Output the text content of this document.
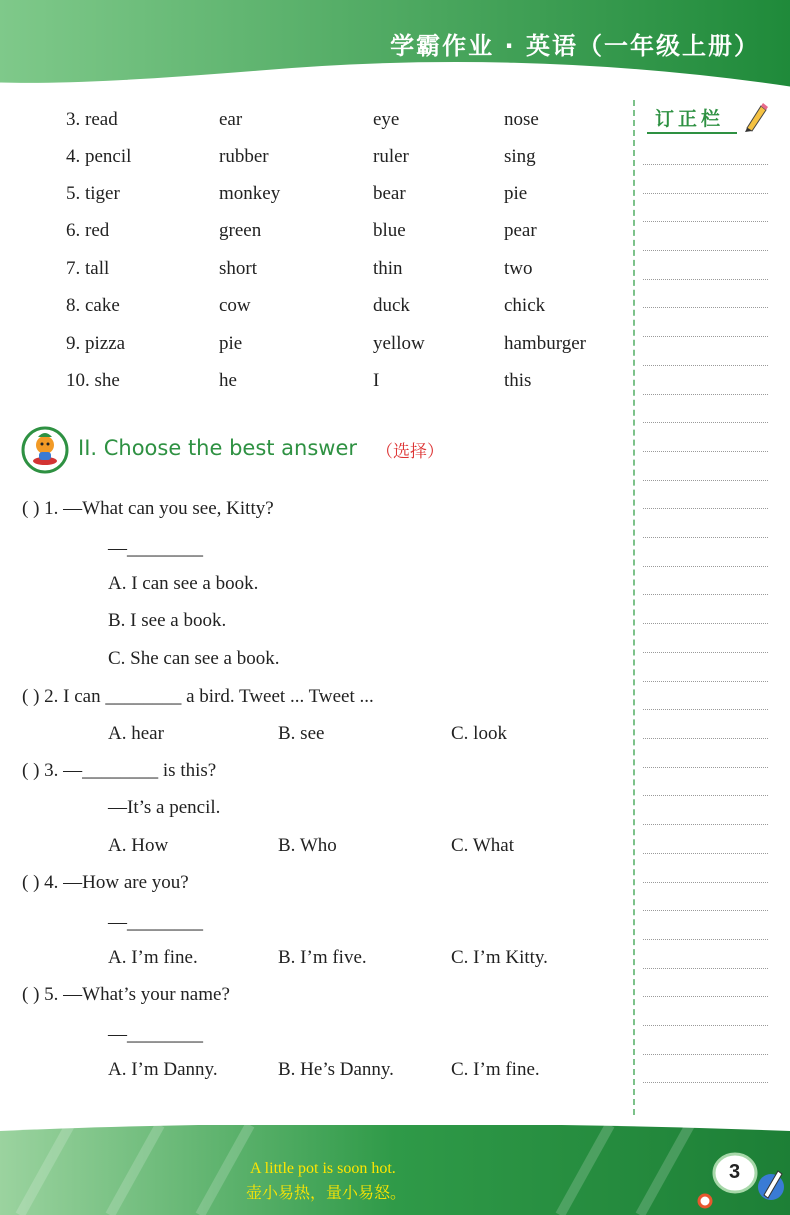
学霸作业 · 英语（一年级上册）
3. read	ear	eye	nose
4. pencil	rubber	ruler	sing
5. tiger	monkey	bear	pie
6. red	green	blue	pear
7. tall	short	thin	two
8. cake	cow	duck	chick
9. pizza	pie	yellow	hamburger
10. she	he	I	this
II. Choose the best answer （选择）
( ) 1. —What can you see, Kitty?
—________
A. I can see a book.
B. I see a book.
C. She can see a book.
( ) 2. I can ________ a bird. Tweet ... Tweet ...
A. hear	B. see	C. look
( ) 3. —________ is this?
—It’s a pencil.
A. How	B. Who	C. What
( ) 4. —How are you?
—________
A. I’m fine.	B. I’m five.	C. I’m Kitty.
( ) 5. —What’s your name?
—________
A. I’m Danny.	B. He’s Danny.	C. I’m fine.
订正栏
A little pot is soon hot.
壶小易热，量小易怒。
3
